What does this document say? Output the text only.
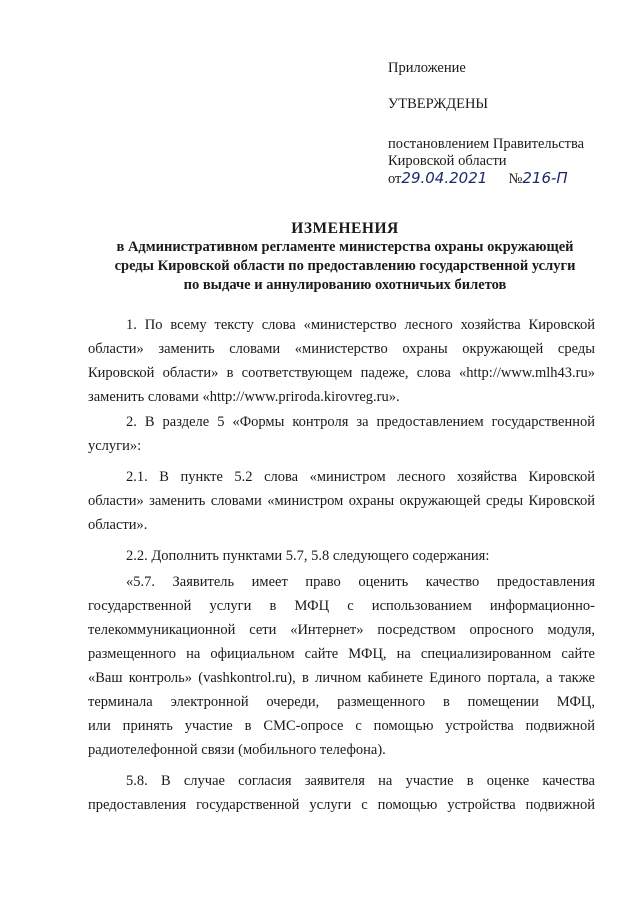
Приложение
УТВЕРЖДЕНЫ
постановлением Правительства
Кировской области
от29.04.2021 №216-П
ИЗМЕНЕНИЯ
в Административном регламенте министерства охраны окружающей
среды Кировской области по предоставлению государственной услуги
по выдаче и аннулированию охотничьих билетов
1. По всему тексту слова «министерство лесного хозяйства Кировской
области» заменить словами «министерство охраны окружающей среды
Кировской области» в соответствующем падеже, слова «http://www.mlh43.ru»
заменить словами «http://www.priroda.kirovreg.ru».
2. В разделе 5 «Формы контроля за предоставлением государственной
услуги»:
2.1. В пункте 5.2 слова «министром лесного хозяйства Кировской
области» заменить словами «министром охраны окружающей среды Кировской
области».
2.2. Дополнить пунктами 5.7, 5.8 следующего содержания:
«5.7. Заявитель имеет право оценить качество предоставления
государственной услуги в МФЦ с использованием информационно-
телекоммуникационной сети «Интернет» посредством опросного модуля,
размещенного на официальном сайте МФЦ, на специализированном сайте
«Ваш контроль» (vashkontrol.ru), в личном кабинете Единого портала, а также
терминала электронной очереди, размещенного в помещении МФЦ,
или принять участие в СМС-опросе с помощью устройства подвижной
радиотелефонной связи (мобильного телефона).
5.8. В случае согласия заявителя на участие в оценке качества
предоставления государственной услуги с помощью устройства подвижной
